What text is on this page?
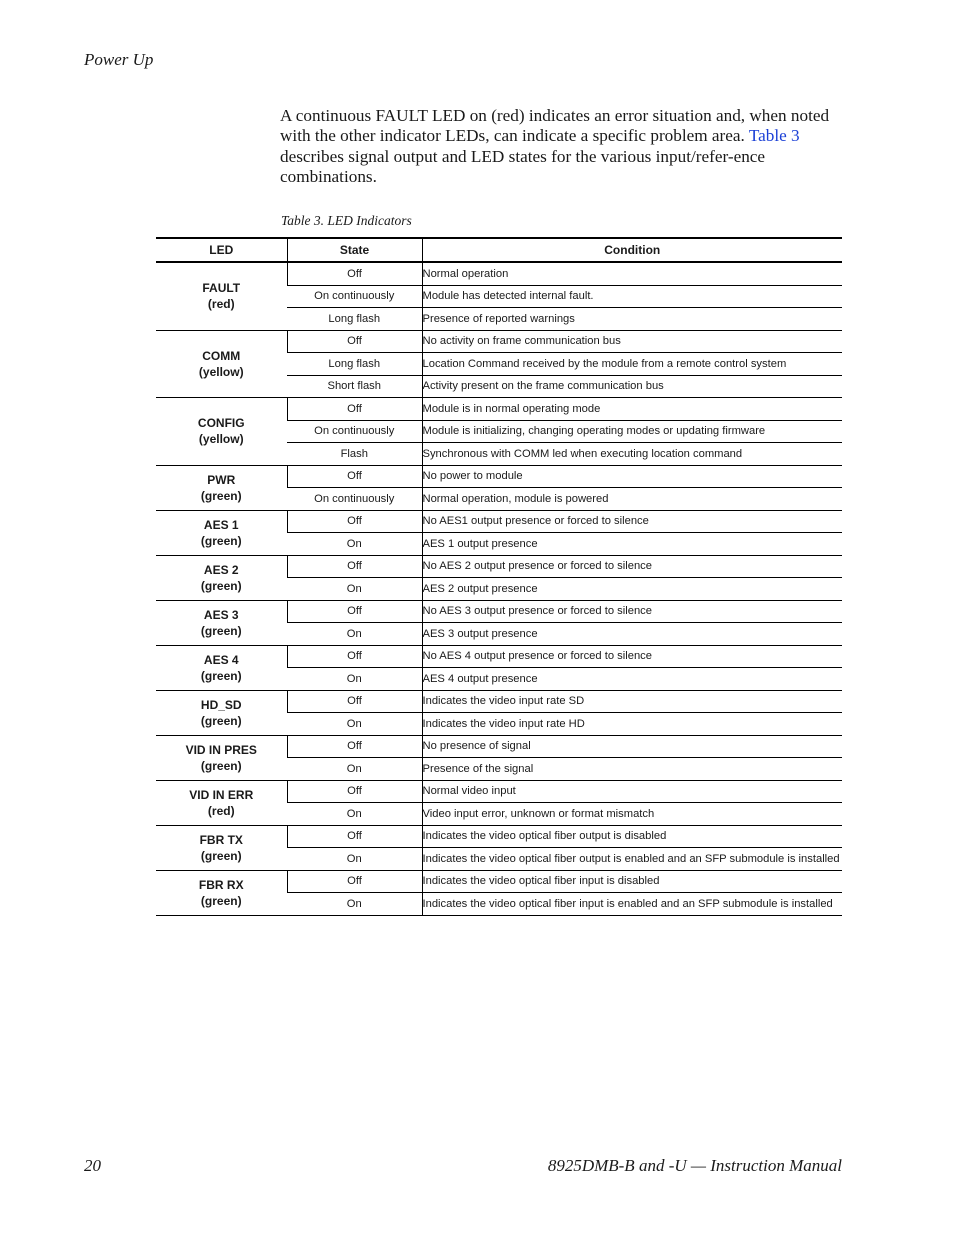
Power Up

A continuous FAULT LED on (red) indicates an error situation and, when noted with the other indicator LEDs, can indicate a specific problem area. Table 3 describes signal output and LED states for the various input/refer-ence combinations.

Table 3. LED Indicators
LED	State	Condition

FAULT
(red)	Off	Normal operation
	On continuously	Module has detected internal fault.
	Long flash	Presence of reported warnings

COMM
(yellow)	Off	No activity on frame communication bus
	Long flash	Location Command received by the module from a remote control system
	Short flash	Activity present on the frame communication bus

CONFIG
(yellow)	Off	Module is in normal operating mode
	On continuously	Module is initializing, changing operating modes or updating firmware
	Flash	Synchronous with COMM led when executing location command

PWR
(green)	Off	No power to module
	On continuously	Normal operation, module is powered

AES 1
(green)	Off	No AES1 output presence or forced to silence
	On	AES 1 output presence

AES 2
(green)	Off	No AES 2 output presence or forced to silence
	On	AES 2 output presence

AES 3
(green)	Off	No AES 3 output presence or forced to silence
	On	AES 3 output presence

AES 4
(green)	Off	No AES 4 output presence or forced to silence
	On	AES 4 output presence

HD_SD
(green)	Off	Indicates the video input rate SD
	On	Indicates the video input rate HD

VID IN PRES
(green)	Off	No presence of signal
	On	Presence of the signal

VID IN ERR
(red)	Off	Normal video input
	On	Video input error, unknown or format mismatch

FBR TX
(green)	Off	Indicates the video optical fiber output is disabled
	On	Indicates the video optical fiber output is enabled and an SFP submodule is installed

FBR RX
(green)	Off	Indicates the video optical fiber input is disabled
	On	Indicates the video optical fiber input is enabled and an SFP submodule is installed
20	8925DMB-B and -U — Instruction Manual
